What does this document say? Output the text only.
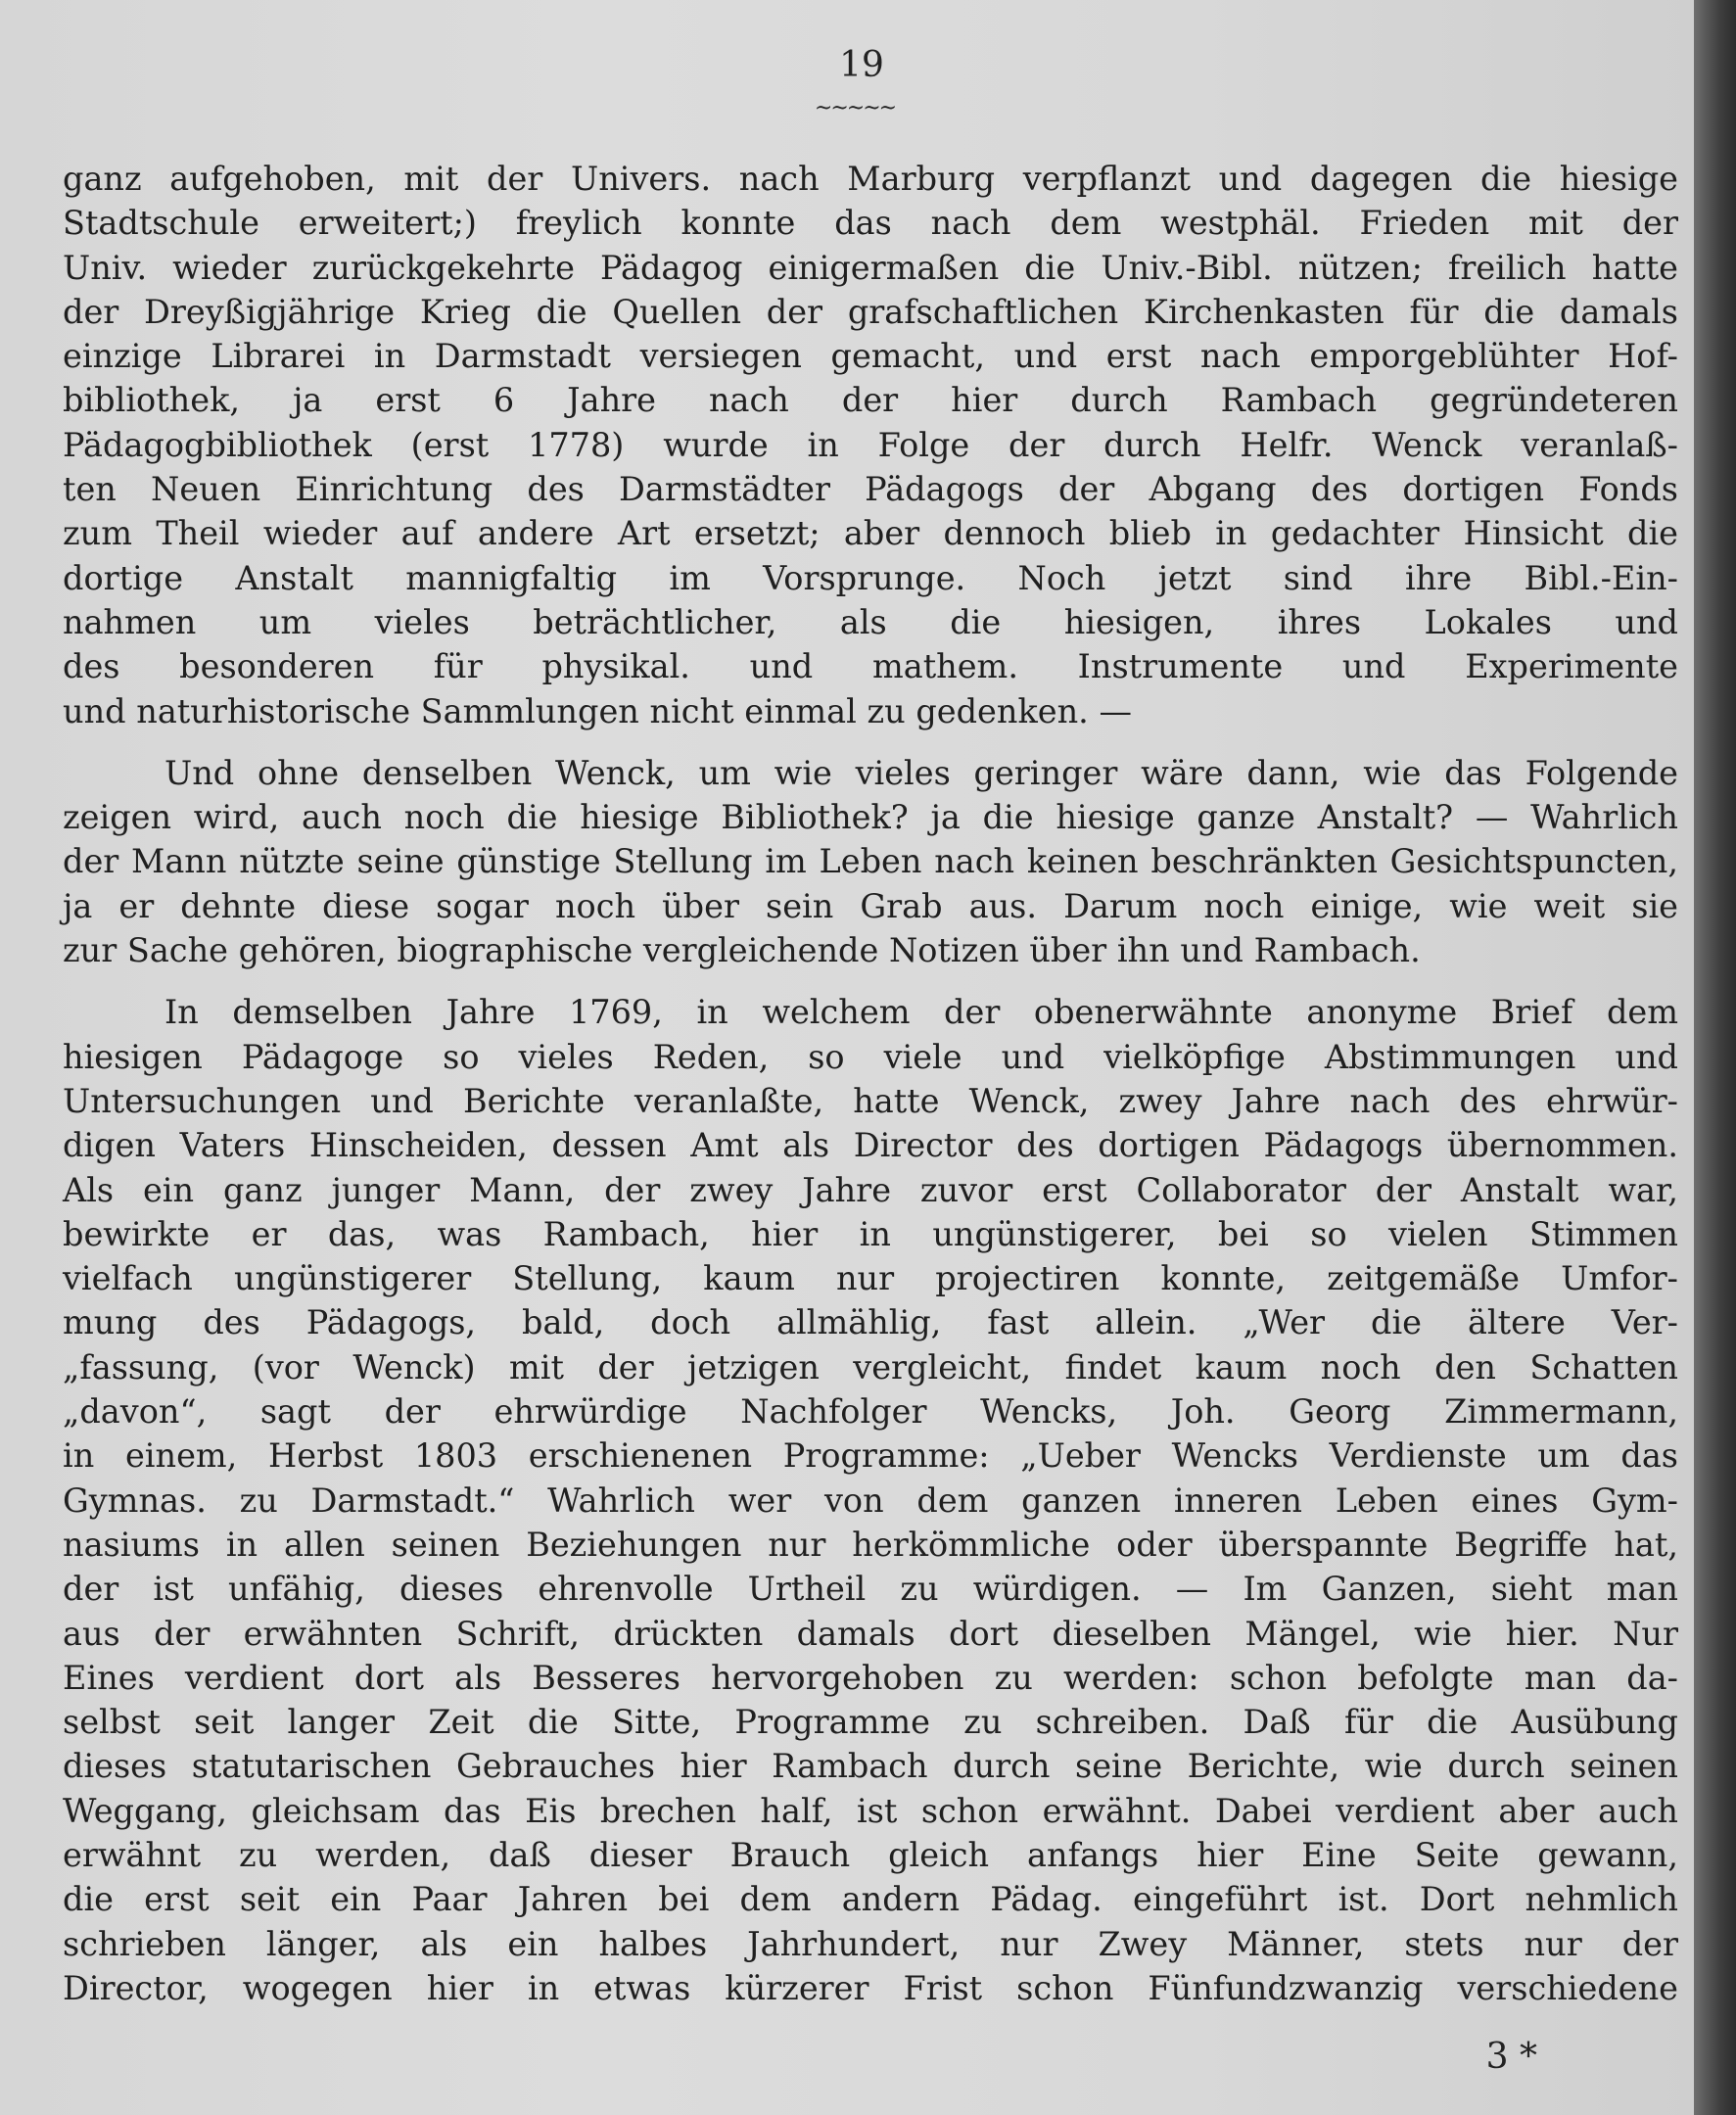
19
~~~~~
ganz aufgehoben, mit der Univers. nach Marburg verpflanzt und dagegen die hiesige
Stadtschule erweitert;) freylich konnte das nach dem westphäl. Frieden mit der
Univ. wieder zurückgekehrte Pädagog einigermaßen die Univ.-Bibl. nützen; freilich hatte
der Dreyßigjährige Krieg die Quellen der grafschaftlichen Kirchenkasten für die damals
einzige Librarei in Darmstadt versiegen gemacht, und erst nach emporgeblühter Hof-
bibliothek, ja erst 6 Jahre nach der hier durch Rambach gegründeteren
Pädagogbibliothek (erst 1778) wurde in Folge der durch Helfr. Wenck veranlaß-
ten Neuen Einrichtung des Darmstädter Pädagogs der Abgang des dortigen Fonds
zum Theil wieder auf andere Art ersetzt; aber dennoch blieb in gedachter Hinsicht die
dortige Anstalt mannigfaltig im Vorsprunge. Noch jetzt sind ihre Bibl.-Ein-
nahmen um vieles beträchtlicher, als die hiesigen, ihres Lokales und
des besonderen für physikal. und mathem. Instrumente und Experimente
und naturhistorische Sammlungen nicht einmal zu gedenken. —
Und ohne denselben Wenck, um wie vieles geringer wäre dann, wie das Folgende
zeigen wird, auch noch die hiesige Bibliothek? ja die hiesige ganze Anstalt? — Wahrlich
der Mann nützte seine günstige Stellung im Leben nach keinen beschränkten Gesichtspuncten,
ja er dehnte diese sogar noch über sein Grab aus. Darum noch einige, wie weit sie
zur Sache gehören, biographische vergleichende Notizen über ihn und Rambach.
In demselben Jahre 1769, in welchem der obenerwähnte anonyme Brief dem
hiesigen Pädagoge so vieles Reden, so viele und vielköpfige Abstimmungen und
Untersuchungen und Berichte veranlaßte, hatte Wenck, zwey Jahre nach des ehrwür-
digen Vaters Hinscheiden, dessen Amt als Director des dortigen Pädagogs übernommen.
Als ein ganz junger Mann, der zwey Jahre zuvor erst Collaborator der Anstalt war,
bewirkte er das, was Rambach, hier in ungünstigerer, bei so vielen Stimmen
vielfach ungünstigerer Stellung, kaum nur projectiren konnte, zeitgemäße Umfor-
mung des Pädagogs, bald, doch allmählig, fast allein. „Wer die ältere Ver-
„fassung, (vor Wenck) mit der jetzigen vergleicht, findet kaum noch den Schatten
„davon“, sagt der ehrwürdige Nachfolger Wencks, Joh. Georg Zimmermann,
in einem, Herbst 1803 erschienenen Programme: „Ueber Wencks Verdienste um das
Gymnas. zu Darmstadt.“ Wahrlich wer von dem ganzen inneren Leben eines Gym-
nasiums in allen seinen Beziehungen nur herkömmliche oder überspannte Begriffe hat,
der ist unfähig, dieses ehrenvolle Urtheil zu würdigen. — Im Ganzen, sieht man
aus der erwähnten Schrift, drückten damals dort dieselben Mängel, wie hier. Nur
Eines verdient dort als Besseres hervorgehoben zu werden: schon befolgte man da-
selbst seit langer Zeit die Sitte, Programme zu schreiben. Daß für die Ausübung
dieses statutarischen Gebrauches hier Rambach durch seine Berichte, wie durch seinen
Weggang, gleichsam das Eis brechen half, ist schon erwähnt. Dabei verdient aber auch
erwähnt zu werden, daß dieser Brauch gleich anfangs hier Eine Seite gewann,
die erst seit ein Paar Jahren bei dem andern Pädag. eingeführt ist. Dort nehmlich
schrieben länger, als ein halbes Jahrhundert, nur Zwey Männer, stets nur der
Director, wogegen hier in etwas kürzerer Frist schon Fünfundzwanzig verschiedene
3 *
